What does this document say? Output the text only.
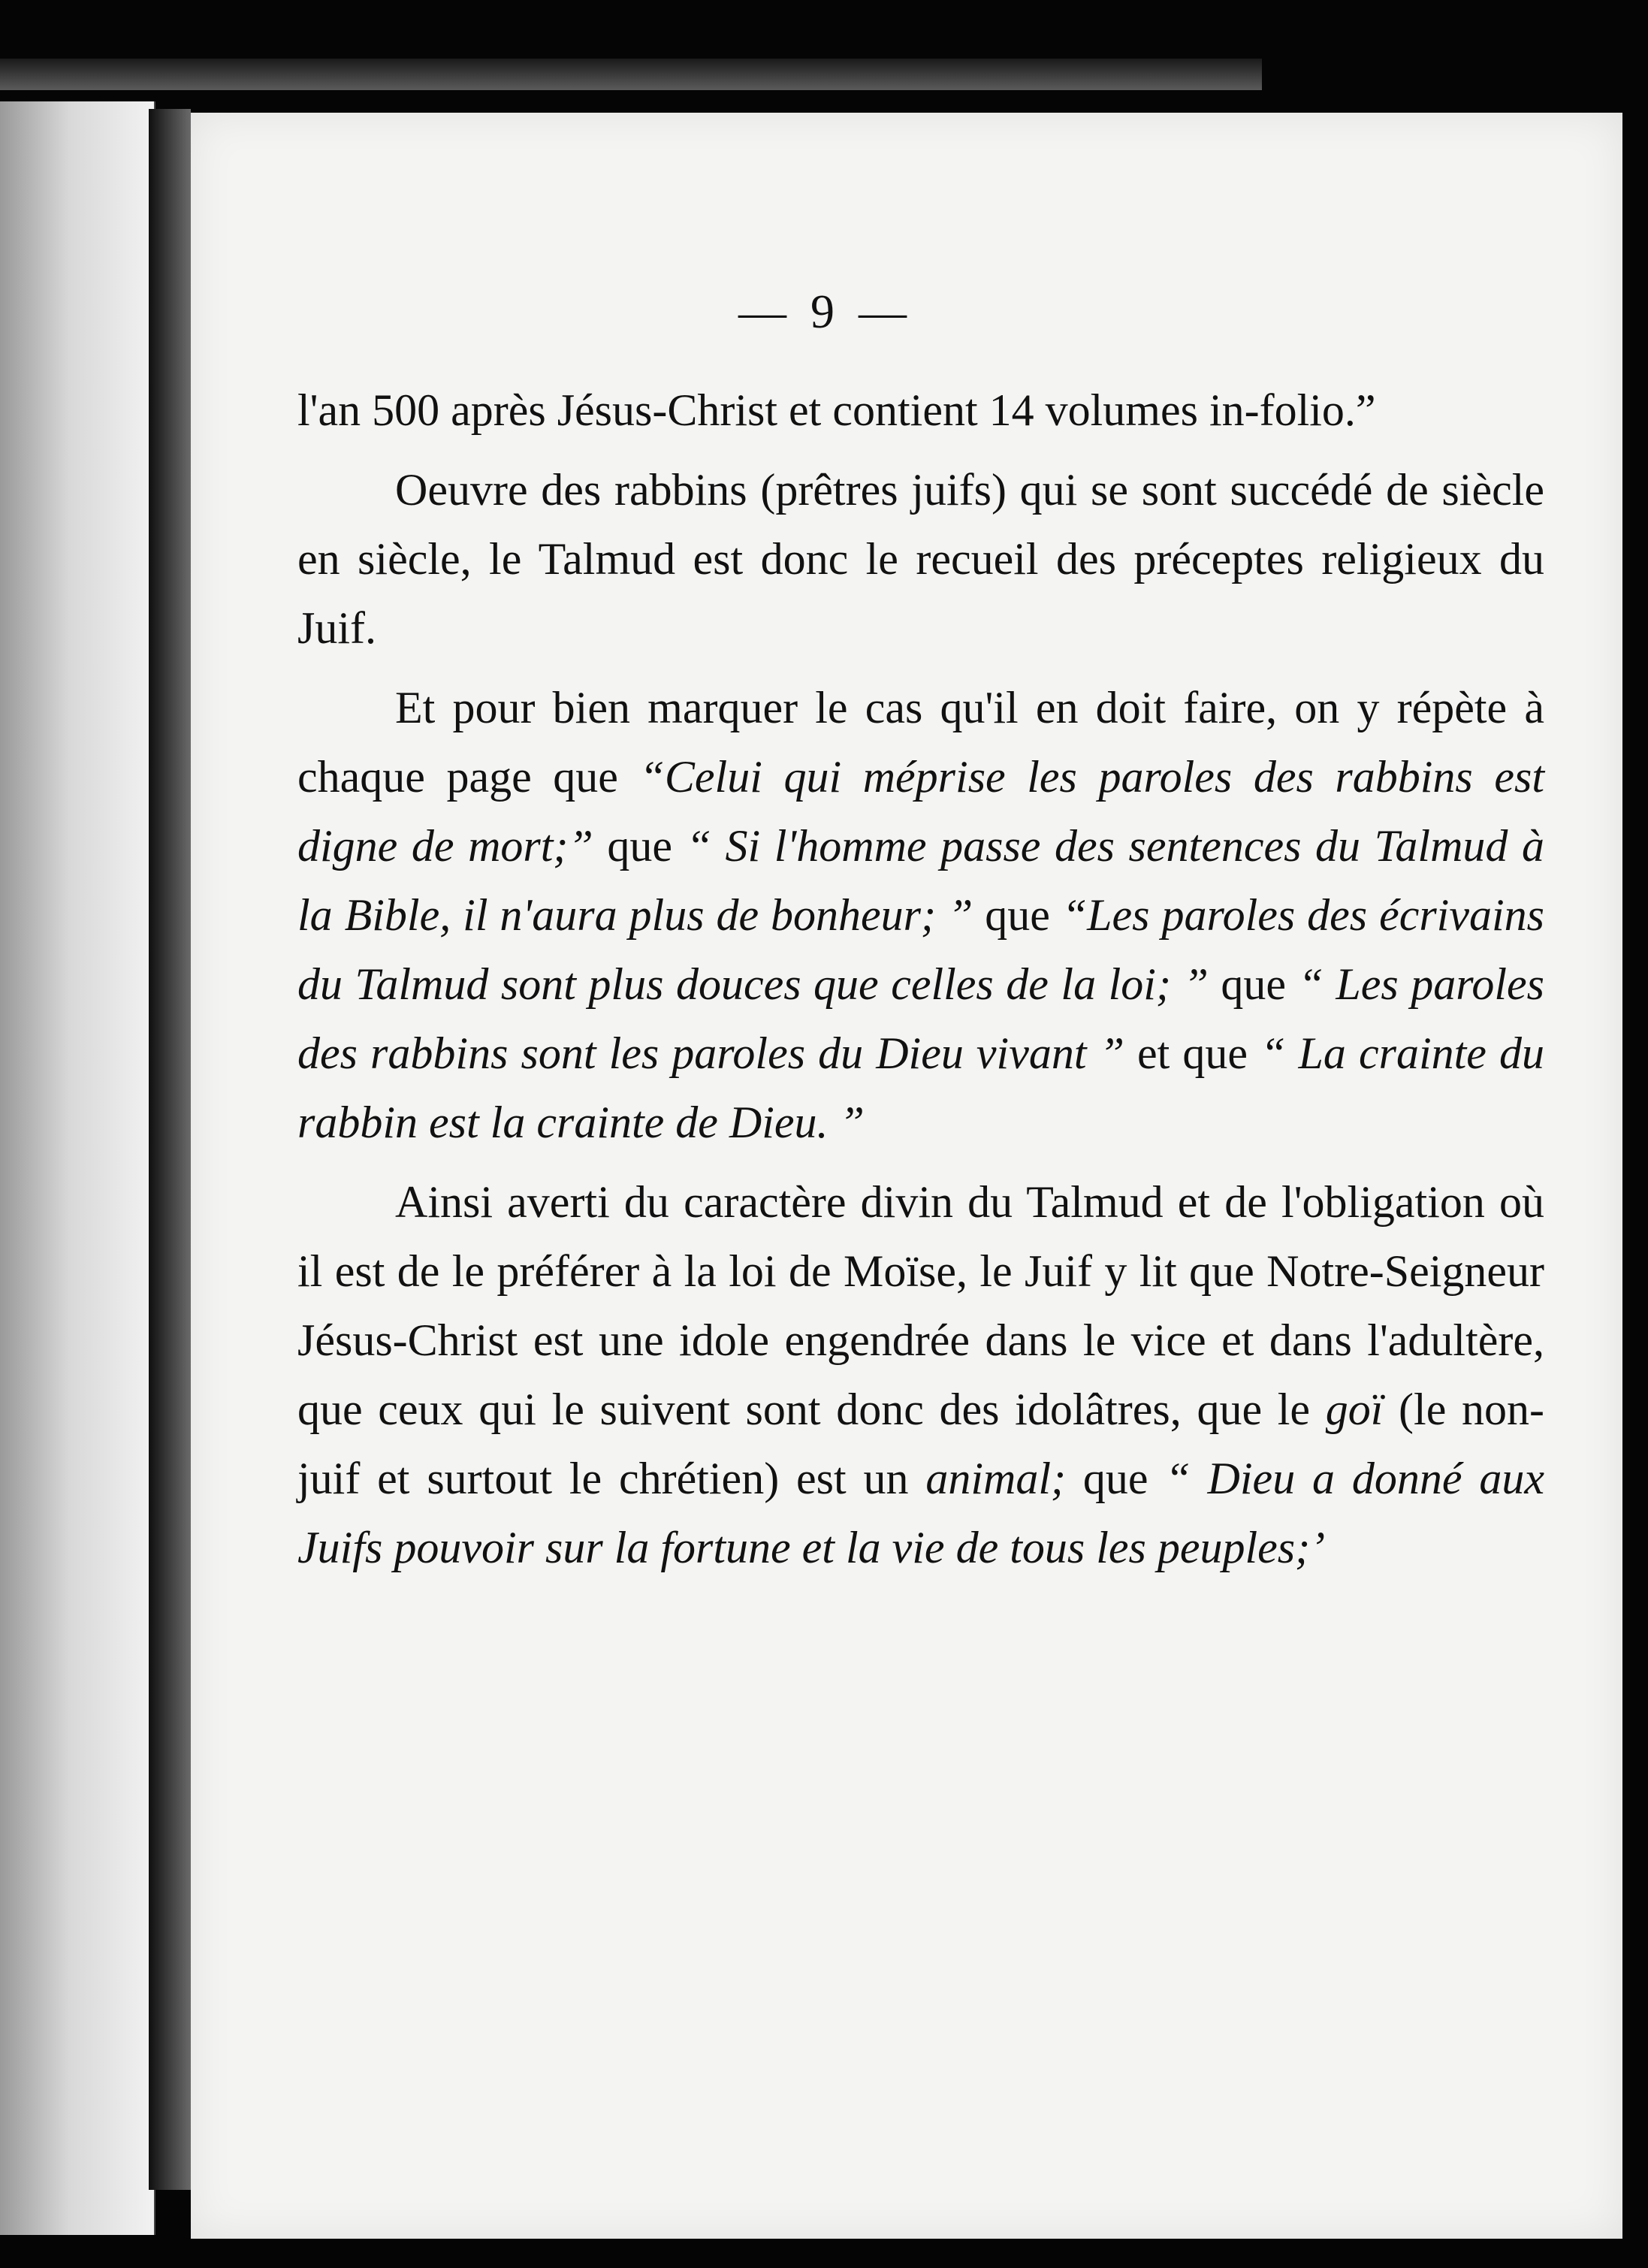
— 9 —

l'an 500 après Jésus-Christ et contient 14 volumes in-folio.”

Oeuvre des rabbins (prêtres juifs) qui se sont succédé de siècle en siècle, le Talmud est donc le recueil des préceptes religieux du Juif.

Et pour bien marquer le cas qu'il en doit faire, on y répète à chaque page que “Celui qui méprise les paroles des rabbins est digne de mort;” que “ Si l'homme passe des sentences du Talmud à la Bible, il n'aura plus de bonheur; ” que “Les paroles des écrivains du Talmud sont plus douces que celles de la loi; ” que “ Les paroles des rabbins sont les paroles du Dieu vivant ” et que “ La crainte du rabbin est la crainte de Dieu. ”

Ainsi averti du caractère divin du Talmud et de l'obligation où il est de le préférer à la loi de Moïse, le Juif y lit que Notre-Seigneur Jésus-Christ est une idole engendrée dans le vice et dans l'adultère, que ceux qui le suivent sont donc des idolâtres, que le goï (le non-juif et surtout le chrétien) est un animal; que “ Dieu a donné aux Juifs pouvoir sur la fortune et la vie de tous les peuples;’
